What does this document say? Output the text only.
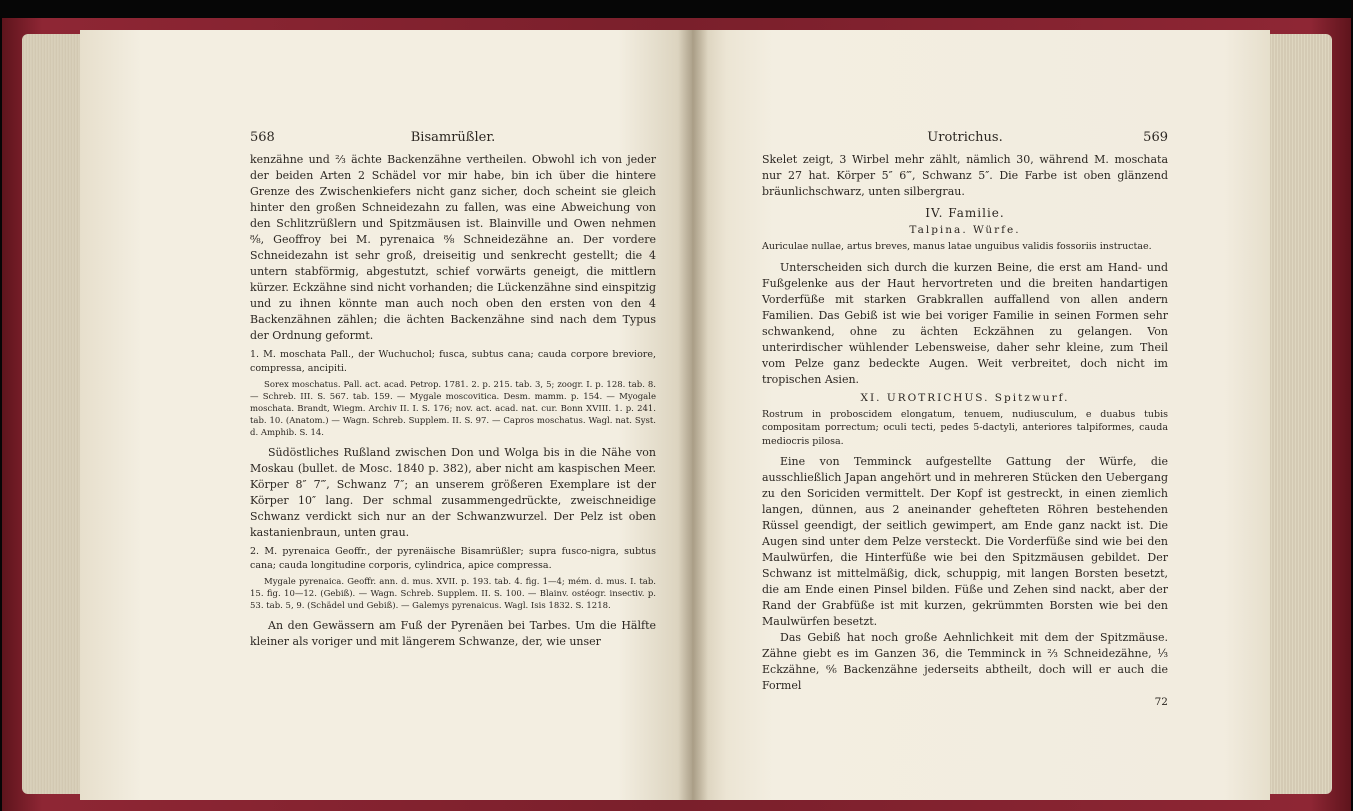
568	Bisamrüßler.

kenzähne und ⅔ ächte Backenzähne vertheilen. Obwohl ich von jeder der beiden Arten 2 Schädel vor mir habe, bin ich über die hintere Grenze des Zwischenkiefers nicht ganz sicher, doch scheint sie gleich hinter den großen Schneidezahn zu fallen, was eine Abweichung von den Schlitzrüßlern und Spitzmäusen ist. Blainville und Owen nehmen ⁸⁄₈, Geoffroy bei M. pyrenaica ⁸⁄₈ Schneidezähne an. Der vordere Schneidezahn ist sehr groß, dreiseitig und senkrecht gestellt; die 4 untern stabförmig, abgestutzt, schief vorwärts geneigt, die mittlern kürzer. Eckzähne sind nicht vorhanden; die Lückenzähne sind einspitzig und zu ihnen könnte man auch noch oben den ersten von den 4 Backenzähnen zählen; die ächten Backenzähne sind nach dem Typus der Ordnung geformt.

1. M. moschata Pall., der Wuchuchol; fusca, subtus cana; cauda corpore breviore, compressa, ancipiti.

Sorex moschatus. Pall. act. acad. Petrop. 1781. 2. p. 215. tab. 3, 5; zoogr. I. p. 128. tab. 8. — Schreb. III. S. 567. tab. 159. — Mygale moscovitica. Desm. mamm. p. 154. — Myogale moschata. Brandt, Wiegm. Archiv II. I. S. 176; nov. act. acad. nat. cur. Bonn XVIII. 1. p. 241. tab. 10. (Anatom.) — Wagn. Schreb. Supplem. II. S. 97. — Capros moschatus. Wagl. nat. Syst. d. Amphib. S. 14.

Südöstliches Rußland zwischen Don und Wolga bis in die Nähe von Moskau (bullet. de Mosc. 1840 p. 382), aber nicht am kaspischen Meer. Körper 8″ 7‴, Schwanz 7″; an unserem größeren Exemplare ist der Körper 10″ lang. Der schmal zusammengedrückte, zweischneidige Schwanz verdickt sich nur an der Schwanzwurzel. Der Pelz ist oben kastanienbraun, unten grau.

2. M. pyrenaica Geoffr., der pyrenäische Bisamrüßler; supra fusco-nigra, subtus cana; cauda longitudine corporis, cylindrica, apice compressa.

Mygale pyrenaica. Geoffr. ann. d. mus. XVII. p. 193. tab. 4. fig. 1—4; mém. d. mus. I. tab. 15. fig. 10—12. (Gebiß). — Wagn. Schreb. Supplem. II. S. 100. — Blainv. ostéogr. insectiv. p. 53. tab. 5, 9. (Schädel und Gebiß). — Galemys pyrenaicus. Wagl. Isis 1832. S. 1218.

An den Gewässern am Fuß der Pyrenäen bei Tarbes. Um die Hälfte kleiner als voriger und mit längerem Schwanze, der, wie unser

Urotrichus.	569

Skelet zeigt, 3 Wirbel mehr zählt, nämlich 30, während M. moschata nur 27 hat. Körper 5″ 6‴, Schwanz 5″. Die Farbe ist oben glänzend bräunlichschwarz, unten silbergrau.

IV. Familie.
Talpina. Würfe.

Auriculae nullae, artus breves, manus latae unguibus validis fossoriis instructae.

Unterscheiden sich durch die kurzen Beine, die erst am Hand- und Fußgelenke aus der Haut hervortreten und die breiten handartigen Vorderfüße mit starken Grabkrallen auffallend von allen andern Familien. Das Gebiß ist wie bei voriger Familie in seinen Formen sehr schwankend, ohne zu ächten Eckzähnen zu gelangen. Von unterirdischer wühlender Lebensweise, daher sehr kleine, zum Theil vom Pelze ganz bedeckte Augen. Weit verbreitet, doch nicht im tropischen Asien.

XI. UROTRICHUS. Spitzwurf.

Rostrum in proboscidem elongatum, tenuem, nudiusculum, e duabus tubis compositam porrectum; oculi tecti, pedes 5-dactyli, anteriores talpiformes, cauda mediocris pilosa.

Eine von Temminck aufgestellte Gattung der Würfe, die ausschließlich Japan angehört und in mehreren Stücken den Uebergang zu den Soriciden vermittelt. Der Kopf ist gestreckt, in einen ziemlich langen, dünnen, aus 2 aneinander gehefteten Röhren bestehenden Rüssel geendigt, der seitlich gewimpert, am Ende ganz nackt ist. Die Augen sind unter dem Pelze versteckt. Die Vorderfüße sind wie bei den Maulwürfen, die Hinterfüße wie bei den Spitzmäusen gebildet. Der Schwanz ist mittelmäßig, dick, schuppig, mit langen Borsten besetzt, die am Ende einen Pinsel bilden. Füße und Zehen sind nackt, aber der Rand der Grabfüße ist mit kurzen, gekrümmten Borsten wie bei den Maulwürfen besetzt.

Das Gebiß hat noch große Aehnlichkeit mit dem der Spitzmäuse. Zähne giebt es im Ganzen 36, die Temminck in ⅔ Schneidezähne, ⅓ Eckzähne, ⁶⁄₆ Backenzähne jederseits abtheilt, doch will er auch die Formel

72
